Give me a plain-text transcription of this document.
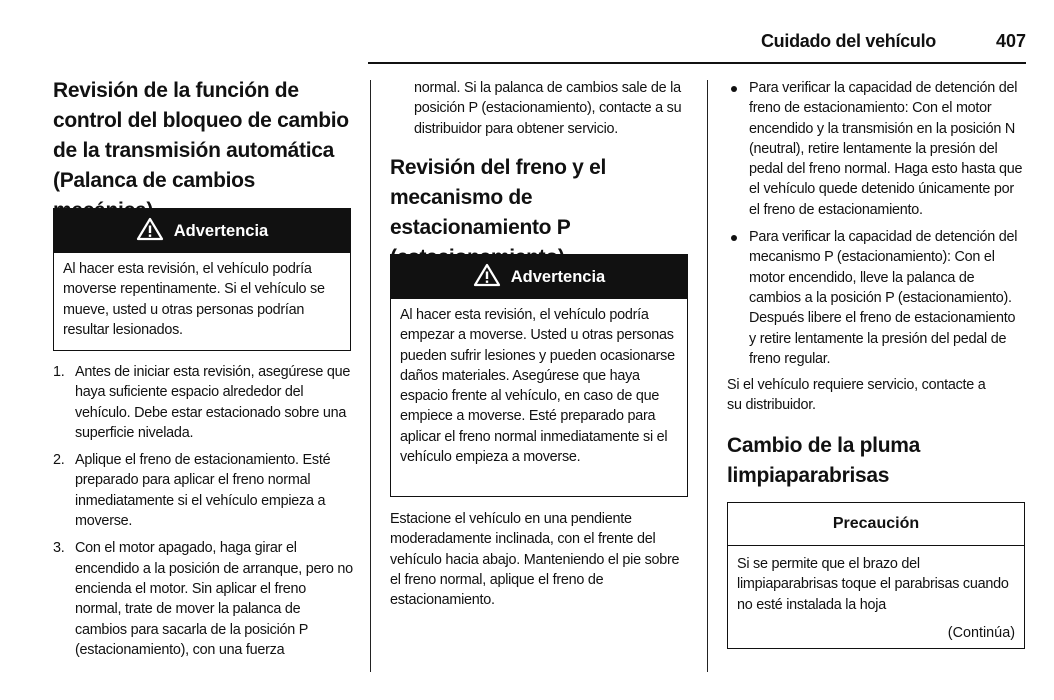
Cuidado del vehículo	407
Revisión de la función de control del bloqueo de cambio de la transmisión automática (Palanca de cambios
Advertencia

Al hacer esta revisión, el vehículo podría moverse repentinamente. Si el vehículo se mueve, usted u otras personas podrían resultar lesionados.

1. Antes de iniciar esta revisión, asegúrese que haya suficiente espacio alrededor del vehículo. Debe estar estacionado sobre una superficie nivelada.
2. Aplique el freno de estacionamiento. Esté preparado para aplicar el freno normal inmediatamente si el vehículo empieza a moverse.
3. Con el motor apagado, haga girar el encendido a la posición de arranque, pero no encienda el motor. Sin aplicar el freno normal, trate de mover la palanca de cambios para sacarla de la posición P (estacionamiento), con una fuerza

normal. Si la palanca de cambios sale de la posición P (estacionamiento), contacte a su distribuidor para obtener servicio.

Revisión del freno y el mecanismo de estacionamiento P
Advertencia

Al hacer esta revisión, el vehículo podría empezar a moverse. Usted u otras personas pueden sufrir lesiones y pueden ocasionarse daños materiales. Asegúrese que haya espacio frente al vehículo, en caso de que empiece a moverse. Esté preparado para aplicar el freno normal inmediatamente si el vehículo empieza a moverse.

Estacione el vehículo en una pendiente moderadamente inclinada, con el frente del vehículo hacia abajo. Manteniendo el pie sobre el freno normal, aplique el freno de estacionamiento.

Para verificar la capacidad de detención del freno de estacionamiento: Con el motor encendido y la transmisión en la posición N (neutral), retire lentamente la presión del pedal del freno normal. Haga esto hasta que el vehículo quede detenido únicamente por el freno de estacionamiento.
Para verificar la capacidad de detención del mecanismo P (estacionamiento): Con el motor encendido, lleve la palanca de cambios a la posición P (estacionamiento). Después libere el freno de estacionamiento y retire lentamente la presión del pedal de freno regular.

Si el vehículo requiere servicio, contacte a su distribuidor.

Cambio de la pluma limpiaparabrisas
Precaución

Si se permite que el brazo del limpiaparabrisas toque el parabrisas cuando no esté instalada la hoja

(Continúa)
